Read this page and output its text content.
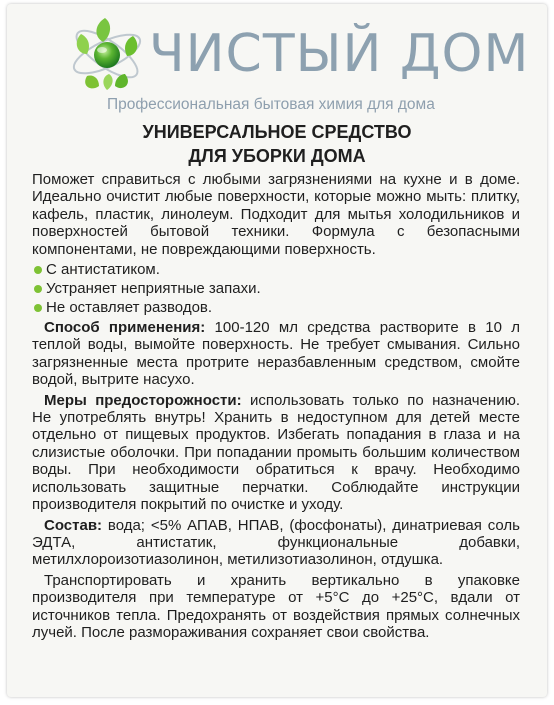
ЧИСТЫЙ ДОМ
Профессиональная бытовая химия для дома
УНИВЕРСАЛЬНОЕ СРЕДСТВО
ДЛЯ УБОРКИ ДОМА
Поможет справиться с любыми загрязнениями на кухне и в доме. Идеально очистит любые поверхности, которые можно мыть: плитку, кафель, пластик, линолеум. Подходит для мытья холодильников и поверхностей бытовой техники. Формула с безопасными компонентами, не повреждающими поверхность.
С антистатиком.
Устраняет неприятные запахи.
Не оставляет разводов.
Способ применения: 100-120 мл средства растворите в 10 л теплой воды, вымойте поверхность. Не требует смывания. Сильно загрязненные места протрите неразбавленным средством, смойте водой, вытрите насухо.
Меры предосторожности: использовать только по назначению. Не употреблять внутрь! Хранить в недоступном для детей месте отдельно от пищевых продуктов. Избегать попадания в глаза и на слизистые оболочки. При попадании промыть большим количеством воды. При необходимости обратиться к врачу. Необходимо использовать защитные перчатки. Соблюдайте инструкции производителя покрытий по очистке и уходу.
Состав: вода; <5% АПАВ, НПАВ, (фосфонаты), динатриевая соль ЭДТА, антистатик, функциональные добавки, метилхлороизотиазолинон, метилизотиазолинон, отдушка.
Транспортировать и хранить вертикально в упаковке производителя при температуре от +5°С до +25°С, вдали от источников тепла. Предохранять от воздействия прямых солнечных лучей. После размораживания сохраняет свои свойства.
